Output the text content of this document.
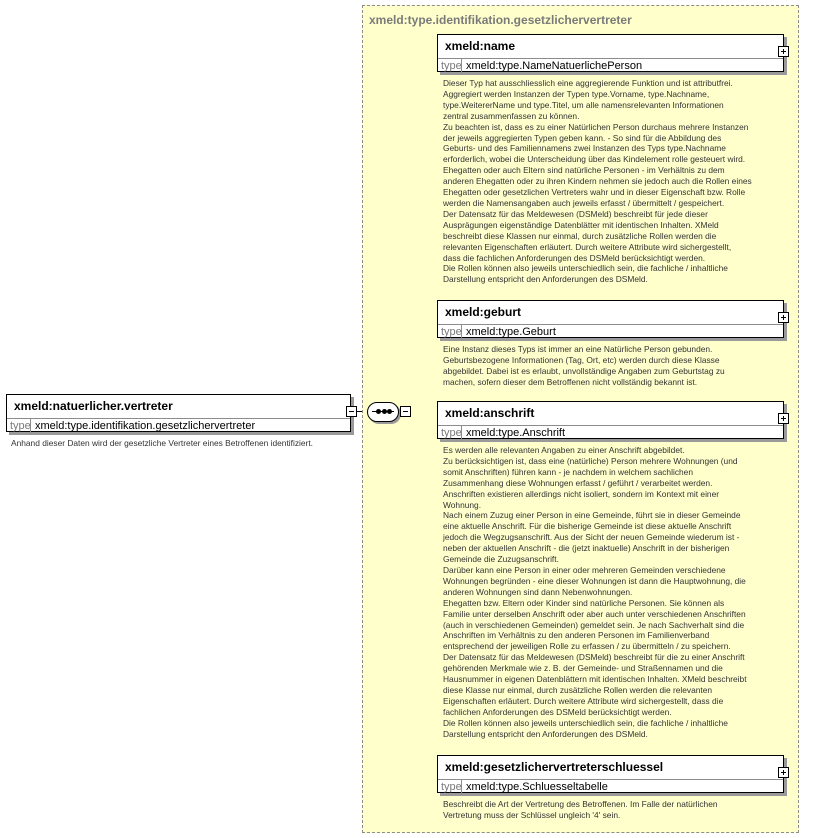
xmeld:type.identifikation.gesetzlichervertreter
xmeld:natuerlicher.vertreter
type xmeld:type.identifikation.gesetzlichervertreter
Anhand dieser Daten wird der gesetzliche Vertreter eines Betroffenen identifiziert.
xmeld:name
type xmeld:type.NameNatuerlichePerson
Dieser Typ hat ausschliesslich eine aggregierende Funktion und ist attributfrei.
Aggregiert werden Instanzen der Typen type.Vorname, type.Nachname,
type.WeitererName und type.Titel, um alle namensrelevanten Informationen
zentral zusammenfassen zu können.
Zu beachten ist, dass es zu einer Natürlichen Person durchaus mehrere Instanzen
der jeweils aggregierten Typen geben kann. - So sind für die Abbildung des
Geburts- und des Familiennamens zwei Instanzen des Typs type.Nachname
erforderlich, wobei die Unterscheidung über das Kindelement rolle gesteuert wird.
Ehegatten oder auch Eltern sind natürliche Personen - im Verhältnis zu dem
anderen Ehegatten oder zu ihren Kindern nehmen sie jedoch auch die Rollen eines
Ehegatten oder gesetzlichen Vertreters wahr und in dieser Eigenschaft bzw. Rolle
werden die Namensangaben auch jeweils erfasst / übermittelt / gespeichert.
Der Datensatz für das Meldewesen (DSMeld) beschreibt für jede dieser
Ausprägungen eigenständige Datenblätter mit identischen Inhalten. XMeld
beschreibt diese Klassen nur einmal, durch zusätzliche Rollen werden die
relevanten Eigenschaften erläutert. Durch weitere Attribute wird sichergestellt,
dass die fachlichen Anforderungen des DSMeld berücksichtigt werden.
Die Rollen können also jeweils unterschiedlich sein, die fachliche / inhaltliche
Darstellung entspricht den Anforderungen des DSMeld.
xmeld:geburt
type xmeld:type.Geburt
Eine Instanz dieses Typs ist immer an eine Natürliche Person gebunden.
Geburtsbezogene Informationen (Tag, Ort, etc) werden durch diese Klasse
abgebildet. Dabei ist es erlaubt, unvollständige Angaben zum Geburtstag zu
machen, sofern dieser dem Betroffenen nicht vollständig bekannt ist.
xmeld:anschrift
type xmeld:type.Anschrift
Es werden alle relevanten Angaben zu einer Anschrift abgebildet.
Zu berücksichtigen ist, dass eine (natürliche) Person mehrere Wohnungen (und
somit Anschriften) führen kann - je nachdem in welchem sachlichen
Zusammenhang diese Wohnungen erfasst / geführt / verarbeitet werden.
Anschriften existieren allerdings nicht isoliert, sondern im Kontext mit einer
Wohnung.
Nach einem Zuzug einer Person in eine Gemeinde, führt sie in dieser Gemeinde
eine aktuelle Anschrift. Für die bisherige Gemeinde ist diese aktuelle Anschrift
jedoch die Wegzugsanschrift. Aus der Sicht der neuen Gemeinde wiederum ist -
neben der aktuellen Anschrift - die (jetzt inaktuelle) Anschrift in der bisherigen
Gemeinde die Zuzugsanschrift.
Darüber kann eine Person in einer oder mehreren Gemeinden verschiedene
Wohnungen begründen - eine dieser Wohnungen ist dann die Hauptwohnung, die
anderen Wohnungen sind dann Nebenwohnungen.
Ehegatten bzw. Eltern oder Kinder sind natürliche Personen. Sie können als
Familie unter derselben Anschrift oder aber auch unter verschiedenen Anschriften
(auch in verschiedenen Gemeinden) gemeldet sein. Je nach Sachverhalt sind die
Anschriften im Verhältnis zu den anderen Personen im Familienverband
entsprechend der jeweiligen Rolle zu erfassen / zu übermitteln / zu speichern.
Der Datensatz für das Meldewesen (DSMeld) beschreibt für die zu einer Anschrift
gehörenden Merkmale wie z. B. der Gemeinde- und Straßennamen und die
Hausnummer in eigenen Datenblättern mit identischen Inhalten. XMeld beschreibt
diese Klasse nur einmal, durch zusätzliche Rollen werden die relevanten
Eigenschaften erläutert. Durch weitere Attribute wird sichergestellt, dass die
fachlichen Anforderungen des DSMeld berücksichtigt werden.
Die Rollen können also jeweils unterschiedlich sein, die fachliche / inhaltliche
Darstellung entspricht den Anforderungen des DSMeld.
xmeld:gesetzlichervertreterschluessel
type xmeld:type.Schluesseltabelle
Beschreibt die Art der Vertretung des Betroffenen. Im Falle der natürlichen
Vertretung muss der Schlüssel ungleich '4' sein.
